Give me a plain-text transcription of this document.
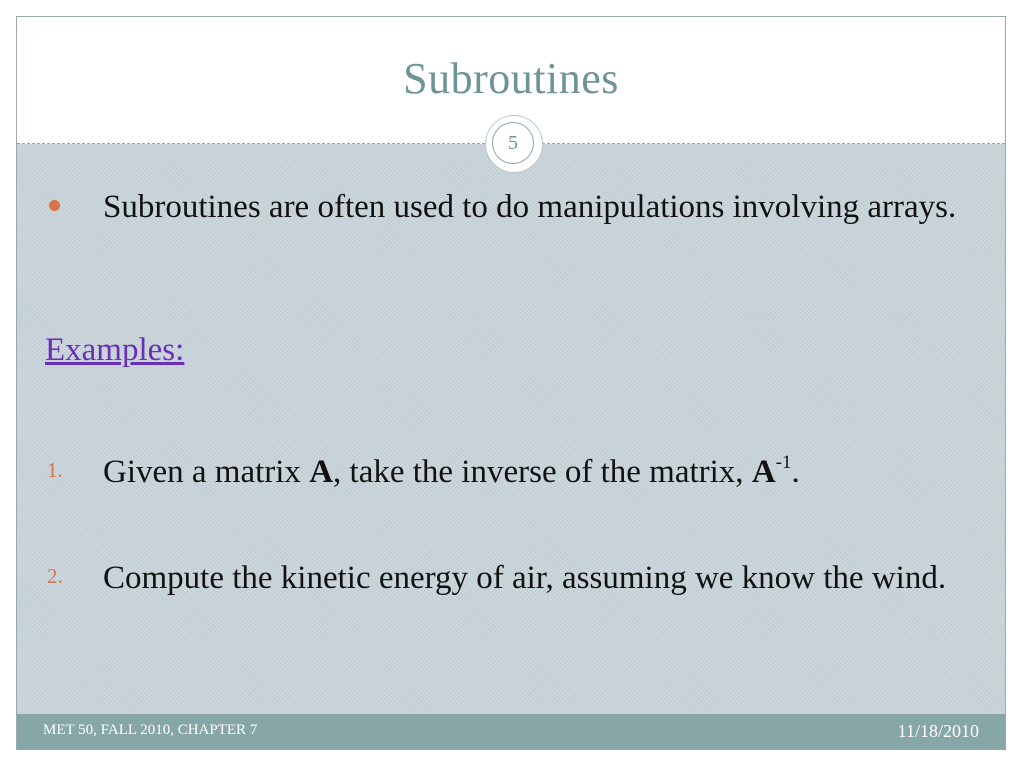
Subroutines
5
Subroutines are often used to do manipulations involving arrays.
Examples:
1. Given a matrix A, take the inverse of the matrix, $A^{-1}$.
2. Compute the kinetic energy of air, assuming we know the wind.
MET 50, FALL 2010, CHAPTER 7	11/18/2010
